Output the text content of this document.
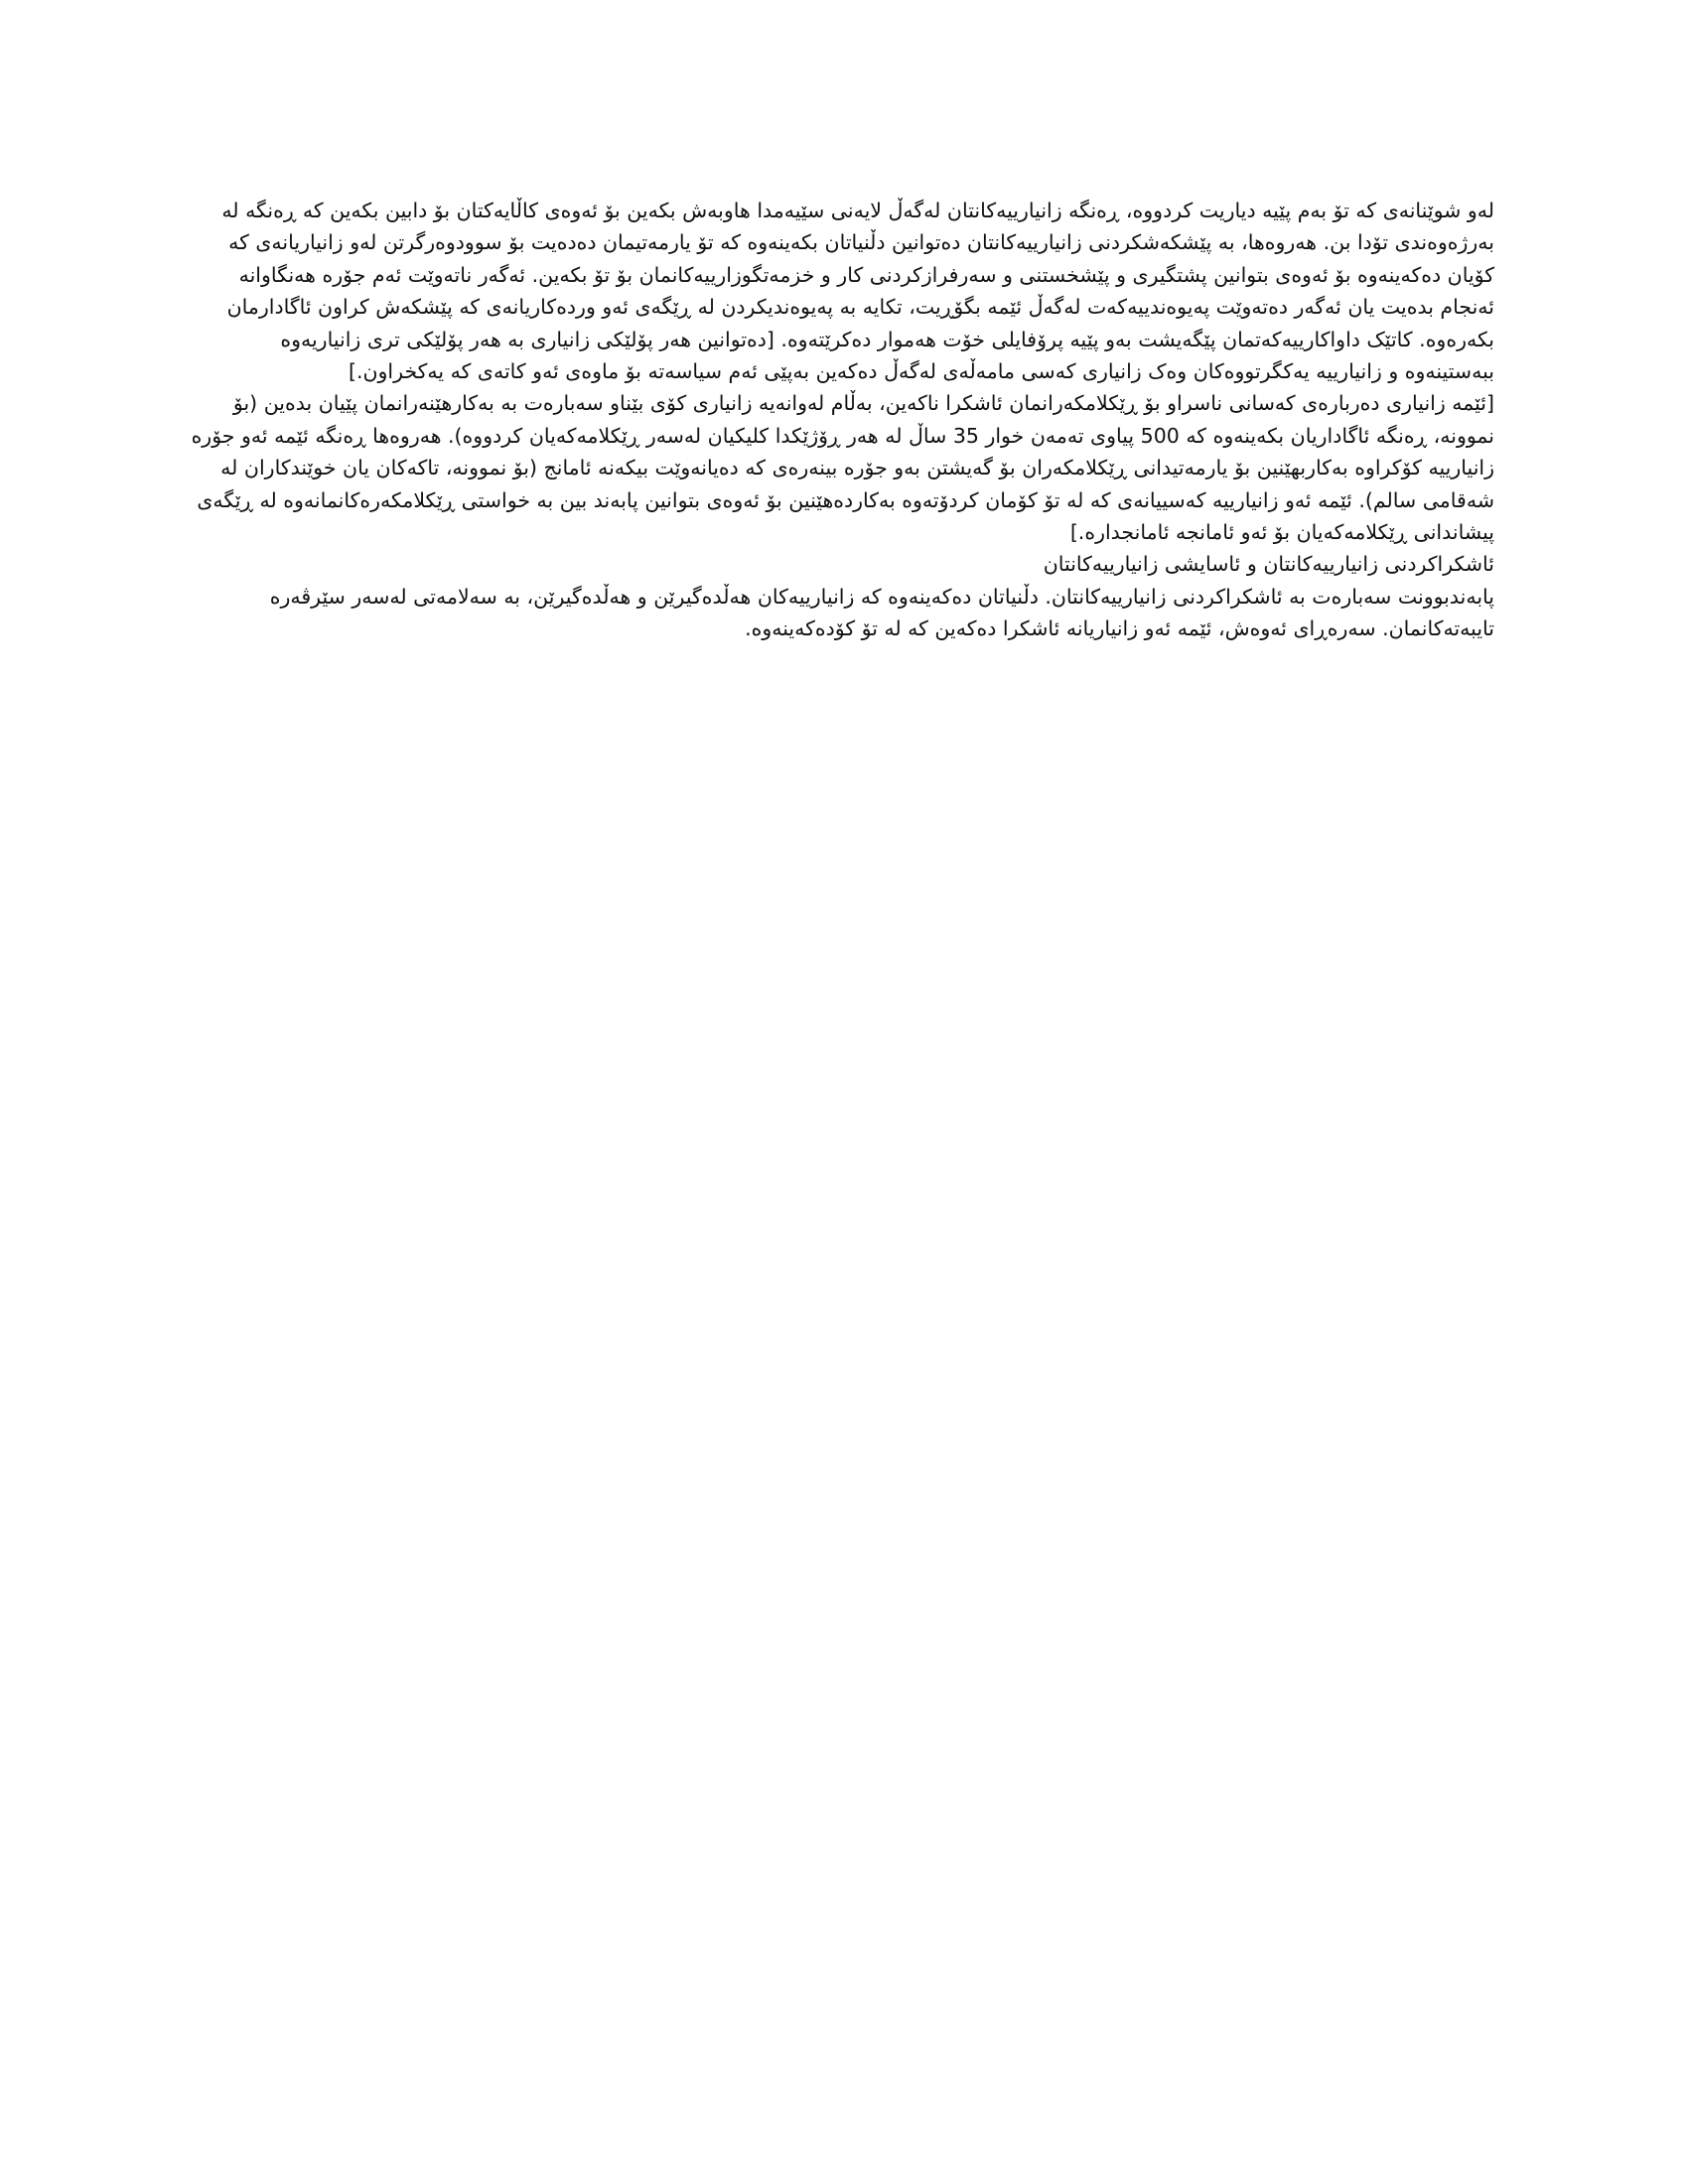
لەو شوێنانەی کە تۆ بەم پێیە دیاریت کردووە، ڕەنگە زانیارییەکانتان لەگەڵ لایەنی سێیەمدا هاوبەش بکەین بۆ ئەوەی کاڵایەکتان بۆ دابین بکەین کە ڕەنگە لە بەرژەوەندی تۆدا بن. هەروەها، بە پێشکەشکردنی زانیارییەکانتان دەتوانین دڵنیاتان بکەینەوە کە تۆ یارمەتیمان دەدەیت بۆ سوودوەرگرتن لەو زانیاریانەی کە کۆیان دەکەینەوە بۆ ئەوەی بتوانین پشتگیری و پێشخستنی و سەرفرازکردنی کار و خزمەتگوزارییەکانمان بۆ تۆ بکەین. ئەگەر ناتەوێت ئەم جۆرە هەنگاوانە ئەنجام بدەیت یان ئەگەر دەتەوێت پەیوەندییەکەت لەگەڵ ئێمە بگۆڕیت، تکایە بە پەیوەندیکردن لە ڕێگەی ئەو وردەکاریانەی کە پێشکەش کراون ئاگادارمان بکەرەوە. کاتێک داواکارییەکەتمان پێگەیشت بەو پێیە پرۆفایلی خۆت هەموار دەکرێتەوە. [دەتوانین هەر پۆلێکی زانیاری بە هەر پۆلێکی تری زانیاریەوە ببەستینەوە و زانیارییە یەکگرتووەکان وەک زانیاری کەسی مامەڵەی لەگەڵ دەکەین بەپێی ئەم سیاسەتە بۆ ماوەی ئەو کاتەی کە یەکخراون.]

[ئێمە زانیاری دەربارەی کەسانی ناسراو بۆ ڕێکلامکەرانمان ئاشکرا ناکەین، بەڵام لەوانەیە زانیاری کۆی بێناو سەبارەت بە بەکارهێنەرانمان پێیان بدەین (بۆ نموونە، ڕەنگە ئاگاداریان بکەینەوە کە 500 پیاوی تەمەن خوار 35 ساڵ لە هەر ڕۆژێکدا کلیکیان لەسەر ڕێکلامەکەیان کردووە). هەروەها ڕەنگە ئێمە ئەو جۆرە زانیارییە کۆکراوە بەکاربهێنین بۆ یارمەتیدانی ڕێکلامکەران بۆ گەیشتن بەو جۆرە بینەرەی کە دەیانەوێت بیکەنە ئامانج (بۆ نموونە، تاکەکان یان خوێندکاران لە شەقامی سالم). ئێمە ئەو زانیارییە کەسییانەی کە لە تۆ کۆمان کردۆتەوە بەکاردەهێنین بۆ ئەوەی بتوانین پابەند بین بە خواستی ڕێکلامکەرەکانمانەوە لە ڕێگەی پیشاندانی ڕێکلامەکەیان بۆ ئەو ئامانجە ئامانجدارە.]

ئاشکراکردنی زانیارییەکانتان و ئاسایشی زانیارییەکانتان

پابەندبوونت سەبارەت بە ئاشکراکردنی زانیارییەکانتان. دڵنیاتان دەکەینەوە کە زانیارییەکان هەڵدەگیرێن و هەڵدەگیرێن، بە سەلامەتی لەسەر سێرڤەرە تایبەتەکانمان. سەرەڕای ئەوەش، ئێمە ئەو زانیاریانە ئاشکرا دەکەین کە لە تۆ کۆدەکەینەوە.
